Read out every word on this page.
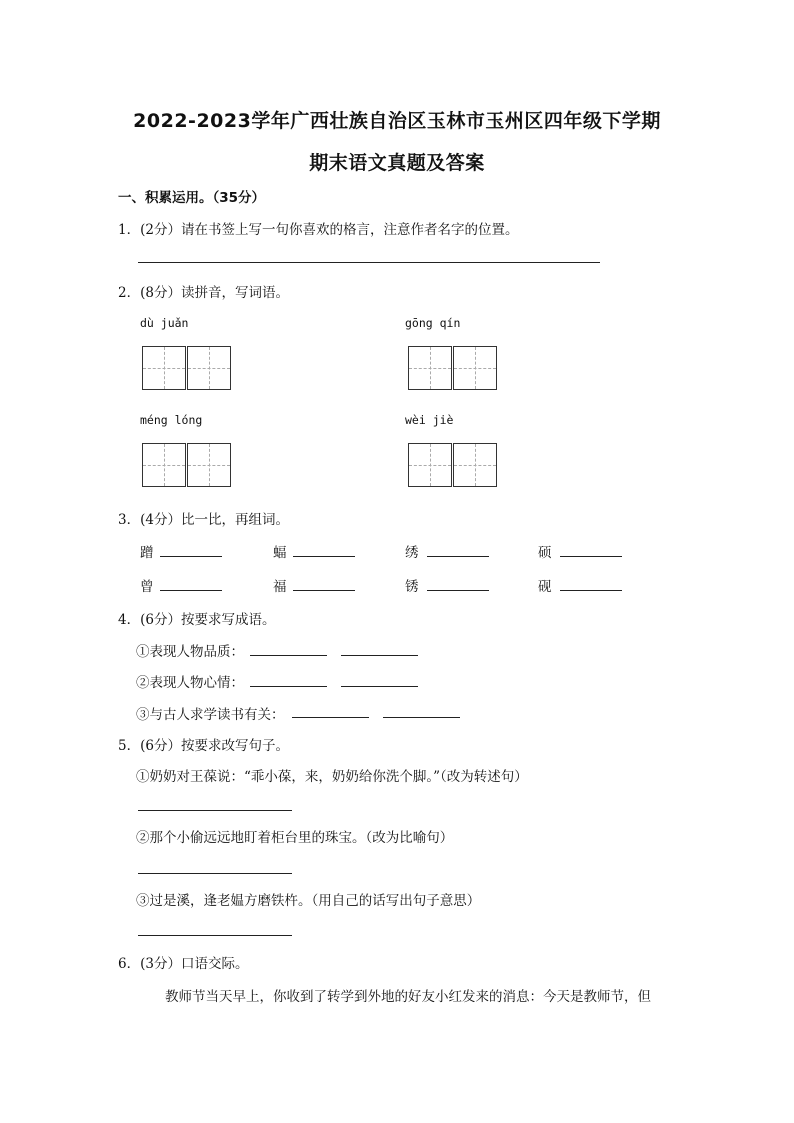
2022-2023学年广西壮族自治区玉林市玉州区四年级下学期
期末语文真题及答案
一、积累运用。（35分）
1．(2分）请在书签上写一句你喜欢的格言，注意作者名字的位置。
2．(8分）读拼音，写词语。
dù juǎn	gōng qín
méng lóng	wèi jiè
3．(4分）比一比，再组词。
蹭	蝠	绣	硕
曾	福	锈	砚
4．(6分）按要求写成语。
①表现人物品质：
②表现人物心情：
③与古人求学读书有关：
5．(6分）按要求改写句子。
①奶奶对王葆说：“乖小葆，来，奶奶给你洗个脚。”（改为转述句）
②那个小偷远远地盯着柜台里的珠宝。（改为比喻句）
③过是溪，逢老媪方磨铁杵。（用自己的话写出句子意思）
6．(3分）口语交际。
教师节当天早上，你收到了转学到外地的好友小红发来的消息：今天是教师节，但
